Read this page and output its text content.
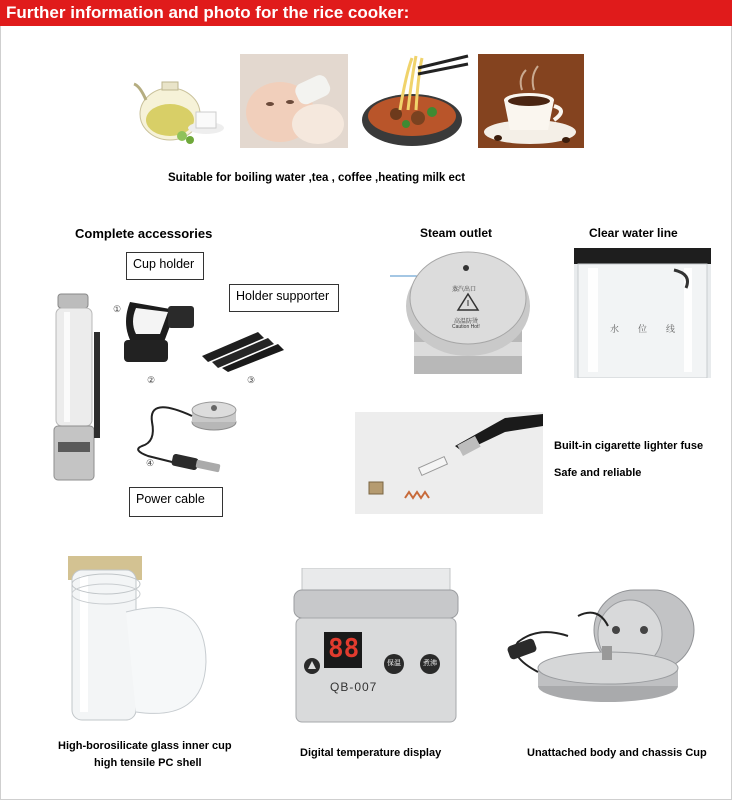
Further information and photo for the rice cooker:
Suitable for boiling water ,tea , coffee ,heating milk ect
Complete accessories
Cup holder
Holder supporter
Power cable
①
②	③
④
Steam outlet
蒸汽出口
高温防烫
Caution Hot!
Clear water line
水 位 线
Built-in cigarette lighter fuse
Safe and reliable
High-borosilicate glass inner cup
high tensile PC shell
88	保温	煮沸
QB-007
Digital temperature display	Unattached body and chassis Cup
